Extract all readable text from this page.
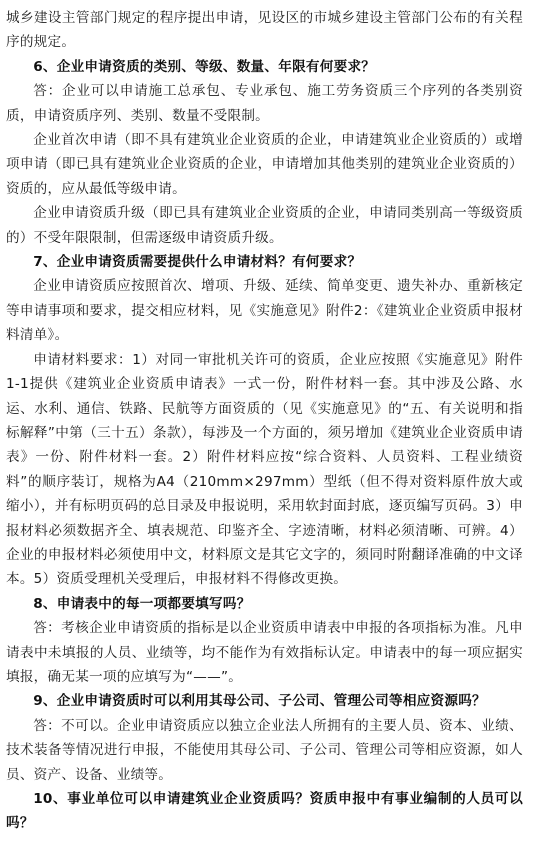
城乡建设主管部门规定的程序提出申请，见设区的市城乡建设主管部门公布的有关程序的规定。

6、企业申请资质的类别、等级、数量、年限有何要求？

答：企业可以申请施工总承包、专业承包、施工劳务资质三个序列的各类别资质，申请资质序列、类别、数量不受限制。

企业首次申请（即不具有建筑业企业资质的企业，申请建筑业企业资质的）或增项申请（即已具有建筑业企业资质的企业，申请增加其他类别的建筑业企业资质的）资质的，应从最低等级申请。

企业申请资质升级（即已具有建筑业企业资质的企业，申请同类别高一等级资质的）不受年限限制，但需逐级申请资质升级。

7、企业申请资质需要提供什么申请材料？有何要求？

企业申请资质应按照首次、增项、升级、延续、简单变更、遗失补办、重新核定等申请事项和要求，提交相应材料，见《实施意见》附件2：《建筑业企业资质申报材料清单》。

申请材料要求：1）对同一审批机关许可的资质，企业应按照《实施意见》附件1-1提供《建筑业企业资质申请表》一式一份，附件材料一套。其中涉及公路、水运、水利、通信、铁路、民航等方面资质的（见《实施意见》的“五、有关说明和指标解释”中第（三十五）条款），每涉及一个方面的，须另增加《建筑业企业资质申请表》一份、附件材料一套。2）附件材料应按“综合资料、人员资料、工程业绩资料”的顺序装订，规格为A4（210mm×297mm）型纸（但不得对资料原件放大或缩小），并有标明页码的总目录及申报说明，采用软封面封底，逐页编写页码。3）申报材料必须数据齐全、填表规范、印鉴齐全、字迹清晰，材料必须清晰、可辨。4）企业的申报材料必须使用中文，材料原文是其它文字的，须同时附翻译准确的中文译本。5）资质受理机关受理后，申报材料不得修改更换。

8、申请表中的每一项都要填写吗？

答：考核企业申请资质的指标是以企业资质申请表中申报的各项指标为准。凡申请表中未填报的人员、业绩等，均不能作为有效指标认定。申请表中的每一项应据实填报，确无某一项的应填写为“——”。

9、企业申请资质时可以利用其母公司、子公司、管理公司等相应资源吗？

答：不可以。企业申请资质应以独立企业法人所拥有的主要人员、资本、业绩、技术装备等情况进行申报，不能使用其母公司、子公司、管理公司等相应资源，如人员、资产、设备、业绩等。

10、事业单位可以申请建筑业企业资质吗？资质申报中有事业编制的人员可以吗？
